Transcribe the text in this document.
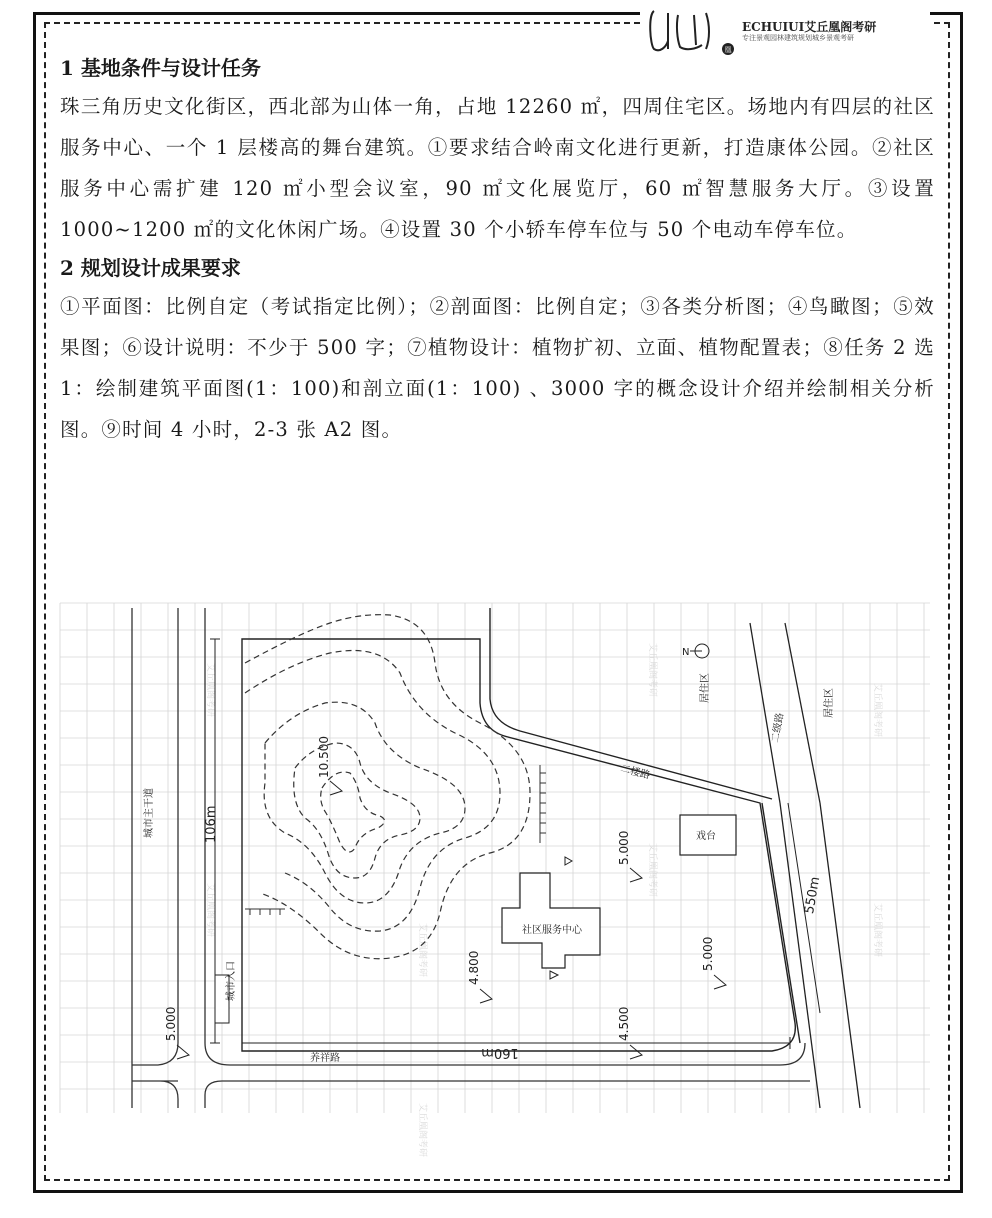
凰
ECHUIUI艾丘凰阁考研
专注景观园林建筑规划城乡景观考研
1 基地条件与设计任务

珠三角历史文化街区，西北部为山体一角，占地 12260 ㎡，四周住宅区。场地内有四层的社区服务中心、一个 1 层楼高的舞台建筑。①要求结合岭南文化进行更新，打造康体公园。②社区服务中心需扩建 120 ㎡小型会议室，90 ㎡文化展览厅，60 ㎡智慧服务大厅。③设置 1000~1200 ㎡的文化休闲广场。④设置 30 个小轿车停车位与 50 个电动车停车位。

2 规划设计成果要求

①平面图：比例自定（考试指定比例）；②剖面图：比例自定；③各类分析图；④鸟瞰图；⑤效果图；⑥设计说明：不少于 500 字；⑦植物设计：植物扩初、立面、植物配置表；⑧任务 2 选 1：绘制建筑平面图(1：100)和剖立面(1：100) 、3000 字的概念设计介绍并绘制相关分析图。⑨时间 4 小时，2-3 张 A2 图。

艾丘凰阁考研
艾丘凰阁考研
艾丘凰阁考研
艾丘凰阁考研
艾丘凰阁考研
艾丘凰阁考研
艾丘凰阁考研
艾丘凰阁考研
戏台
社区服务中心
城市入口
106m
550m
160m
10.500
5.000
5.000
4.800
5.000	4.500
城市主干道
居住区	居住区
二级路
二楼路
养祥路
N
